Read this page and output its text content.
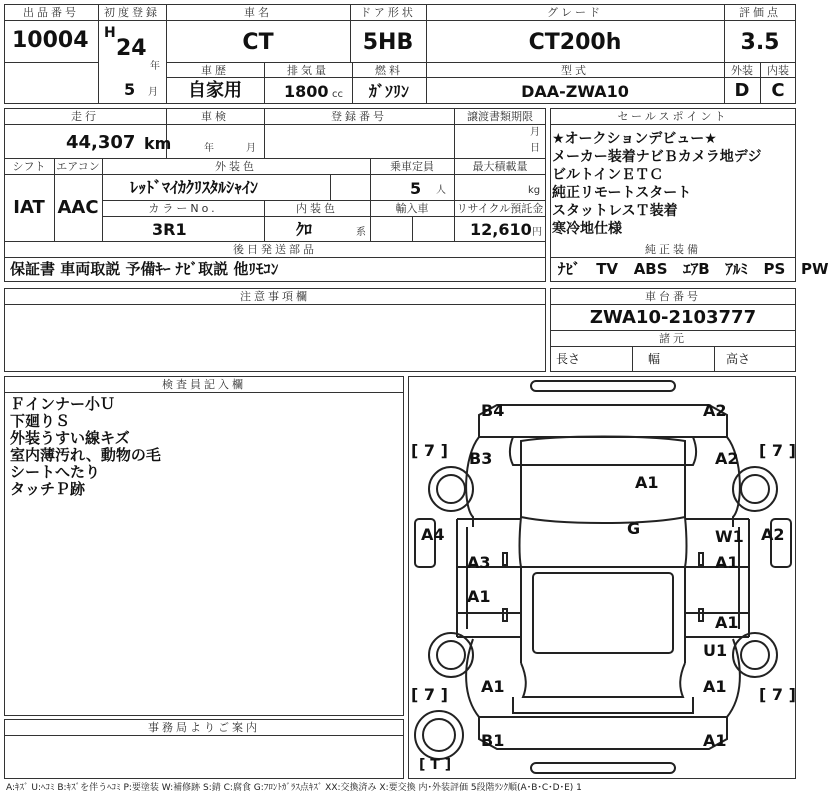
出品番号
10004
初度登録
H
24
年
5 月
車名
CT
ドア形状
5HB
グレード
CT200h
評価点
3.5
車歴
自家用
排気量
1800 cc
燃料
ｶﾞｿﾘﾝ
型式
DAA-ZWA10
外装 内装
D C
走行
44,307 km
車検
年	月
登録番号	譲渡書類期限
月
日
シフト
IAT
エアコン
AAC
外装色
ﾚｯﾄﾞﾏｲｶｸﾘｽﾀﾙｼｬｲﾝ
乗車定員
5 人
最大積載量
kg
カラーNo.
3R1
内装色
ｸﾛ	系
輸入車	リサイクル預託金
12,610 円
後日発送部品
保証書 車両取説 予備ｷｰ ﾅﾋﾞ取説 他ﾘﾓｺﾝ
注意事項欄
セールスポイント
★オークションデビュー★
メーカー装着ナビＢカメラ地デジ
ビルトインＥＴＣ
純正リモートスタート
スタットレスＴ装着
寒冷地仕様
純正装備
ﾅﾋﾞ TV ABS ｴｱB ｱﾙﾐ PS PW
車台番号
ZWA10-2103777
諸元
長さ	幅	高さ
検査員記入欄
Ｆインナー小Ｕ
下廻りＳ
外装うすい線キズ
室内薄汚れ、動物の毛
シートへたり
タッチＰ跡
事務局よりご案内
B4	A2
B3	A2
A1
G
A4	W1 A2
A3	A1
A1
A1
U1
A1	A1
B1	A1
[ 7 ]	[ 7 ]
[ 7 ]	[ 7 ]
[ T ]
A:ｷｽﾞ U:ﾍｺﾐ B:ｷｽﾞを伴うﾍｺﾐ P:要塗装 W:補修跡 S:錆 C:腐食 G:ﾌﾛﾝﾄｶﾞﾗｽ点ｷｽﾞ XX:交換済み X:要交換 内･外装評価 5段階ﾗﾝｸ順(A･B･C･D･E) 1
